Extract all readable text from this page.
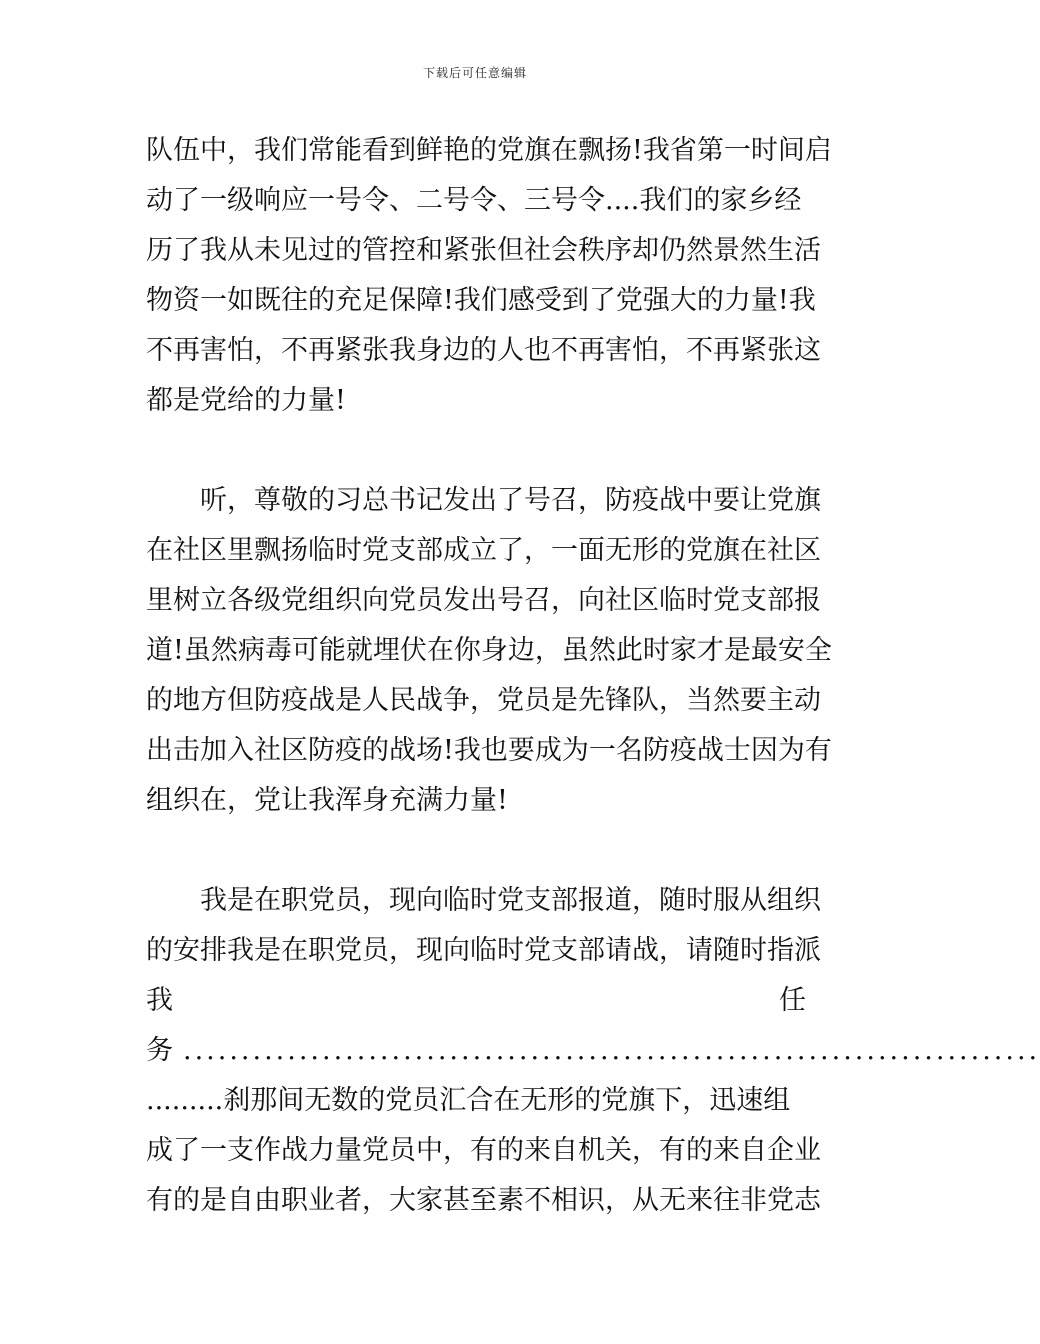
下载后可任意编辑
队伍中，我们常能看到鲜艳的党旗在飘扬!我省第一时间启
动了一级响应一号令、二号令、三号令....我们的家乡经
历了我从未见过的管控和紧张但社会秩序却仍然景然生活
物资一如既往的充足保障!我们感受到了党强大的力量!我
不再害怕，不再紧张我身边的人也不再害怕，不再紧张这
都是党给的力量!
听，尊敬的习总书记发出了号召，防疫战中要让党旗
在社区里飘扬临时党支部成立了，一面无形的党旗在社区
里树立各级党组织向党员发出号召，向社区临时党支部报
道!虽然病毒可能就埋伏在你身边，虽然此时家才是最安全
的地方但防疫战是人民战争，党员是先锋队，当然要主动
出击加入社区防疫的战场!我也要成为一名防疫战士因为有
组织在，党让我浑身充满力量!
我是在职党员，现向临时党支部报道，随时服从组织
的安排我是在职党员，现向临时党支部请战，请随时指派
我	任
务 ..........................................................................
.........刹那间无数的党员汇合在无形的党旗下，迅速组
成了一支作战力量党员中，有的来自机关，有的来自企业
有的是自由职业者，大家甚至素不相识，从无来往非党志
